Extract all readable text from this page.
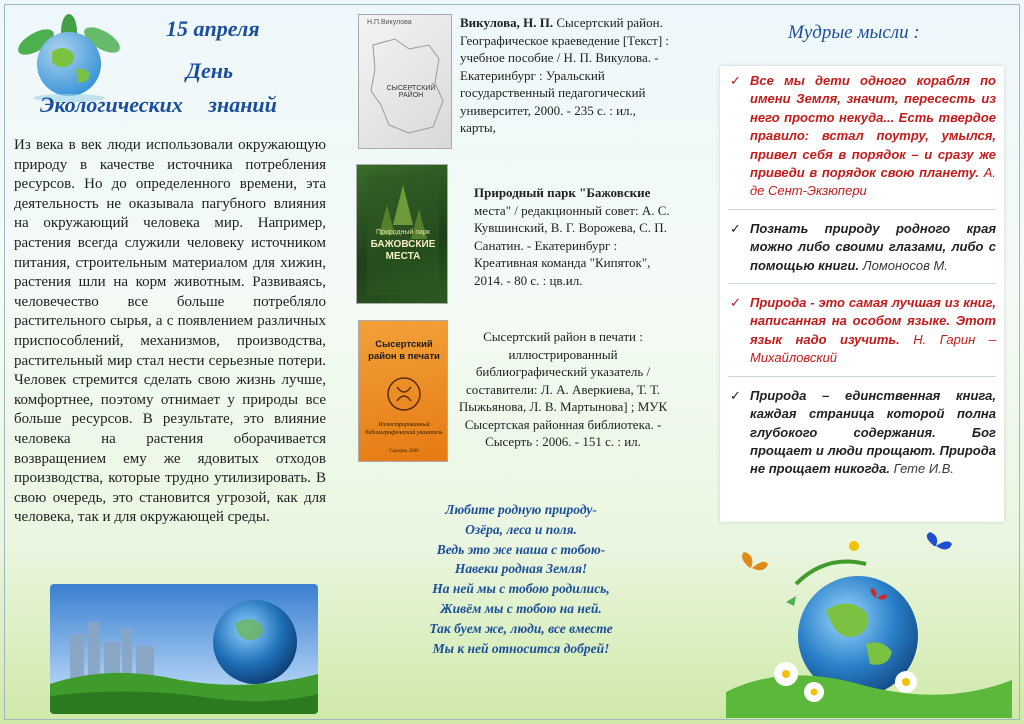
15 апреля
День
Экологических знаний
Из века в век люди использовали окружающую природу в качестве источника потребления ресурсов. Но до определенного времени, эта деятельность не оказывала пагубного влияния на окружающий человека мир. Например, растения всегда служили человеку источником питания, строительным материалом для хижин, растения шли на корм животным. Развиваясь, человечество все больше потребляло растительного сырья, а с появлением различных приспособлений, механизмов, производства, растительный мир стал нести серьезные потери. Человек стремится сделать свою жизнь лучше, комфортнее, поэтому отнимает у природы все больше ресурсов. В результате, это влияние человека на растения оборачивается возвращением ему же ядовитых отходов производства, которые трудно утилизировать. В свою очередь, это становится угрозой, как для человека, так и для окружающей среды.
Н.П.Викулова
СЫСЕРТСКИЙ РАЙОН
Викулова, Н. П. Сысертский район. Географическое краеведение [Текст] : учебное пособие / Н. П. Викулова. - Екатеринбург : Уральский государственный педагогический университет, 2000. - 235 с. : ил., карты,
Природный парк
БАЖОВСКИЕ МЕСТА
Природный парк "Бажовские места" / редакционный совет: А. С. Кувшинский, В. Г. Ворожева, С. П. Санатин. - Екатеринбург : Креативная команда "Кипяток", 2014. - 80 с. : цв.ил.
Сысертский район в печати
Иллюстрированный библиографический указатель
Сысерть 2006
Сысертский район в печати : иллюстрированный библиографический указатель / составители: Л. А. Аверкиева, Т. Т. Пыжьянова, Л. В. Мартынова] ; МУК Сысертская районная библиотека. - Сысерть : 2006. - 151 с. : ил.
Любите родную природу-
Озёра, леса и поля.
Ведь это же наша с тобою-
Навеки родная Земля!
На ней мы с тобою родились,
Живём мы с тобою на ней.
Так буем же, люди, все вместе
Мы к ней относится добрей!
Мудрые мысли :
✓ Все мы дети одного корабля по имени Земля, значит, пересесть из него просто некуда... Есть твердое правило: встал поутру, умылся, привел себя в порядок – и сразу же приведи в порядок свою планету. А. де Сент-Экзюпери
✓ Познать природу родного края можно либо своими глазами, либо с помощью книги. Ломоносов М.
✓ Природа - это самая лучшая из книг, написанная на особом языке. Этот язык надо изучить. Н. Гарин – Михайловский
✓ Природа – единственная книга, каждая страница которой полна глубокого содержания. Бог прощает и люди прощают. Природа не прощает никогда. Гете И.В.
